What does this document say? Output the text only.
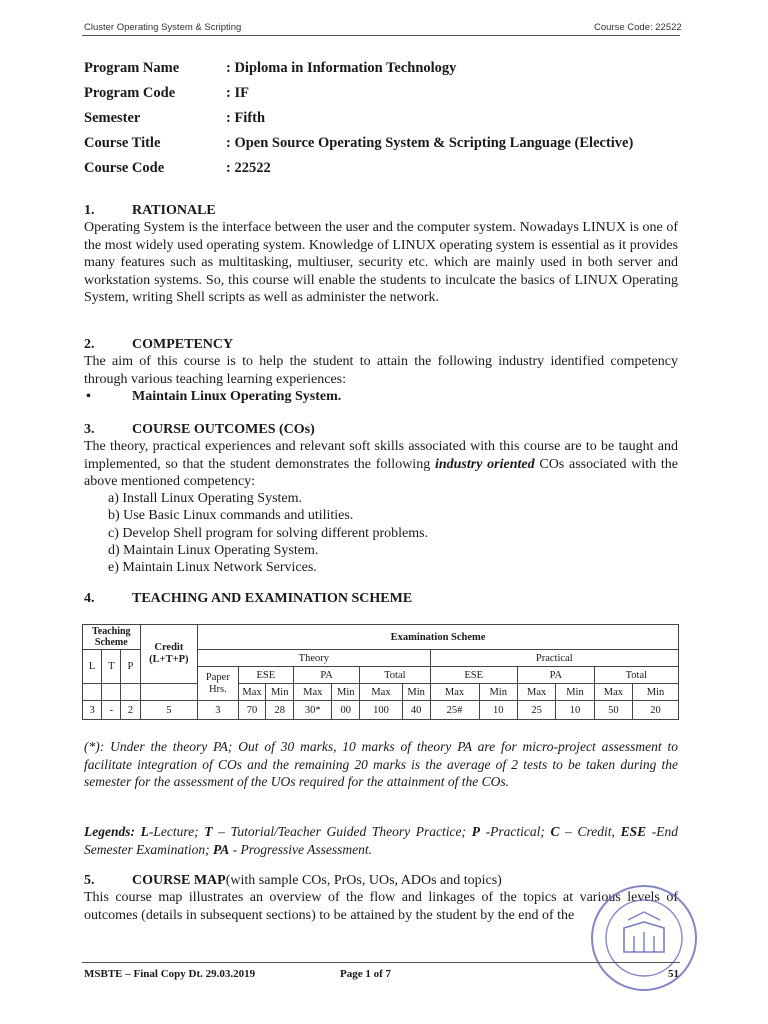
Cluster Operating System & Scripting	Course Code: 22522
Program Name	: Diploma in Information Technology
Program Code	: IF
Semester	: Fifth
Course Title	: Open Source Operating System & Scripting Language (Elective)
Course Code	: 22522
1.	RATIONALE
Operating System is the interface between the user and the computer system. Nowadays LINUX is one of the most widely used operating system. Knowledge of LINUX operating system is essential as it provides many features such as multitasking, multiuser, security etc. which are mainly used in both server and workstation systems. So, this course will enable the students to inculcate the basics of LINUX Operating System, writing Shell scripts as well as administer the network.
2.	COMPETENCY
The aim of this course is to help the student to attain the following industry identified competency through various teaching learning experiences:
•	Maintain Linux Operating System.
3.	COURSE OUTCOMES (COs)
The theory, practical experiences and relevant soft skills associated with this course are to be taught and implemented, so that the student demonstrates the following industry oriented COs associated with the above mentioned competency:
a) Install Linux Operating System.
b) Use Basic Linux commands and utilities.
c) Develop Shell program for solving different problems.
d) Maintain Linux Operating System.
e) Maintain Linux Network Services.
4.	TEACHING AND EXAMINATION SCHEME
Teaching Scheme			Credit (L+T+P)	Examination Scheme												
L	T	P		Theory							Practical					
				Paper Hrs.	ESE		PA		Total		ESE		PA		Total	
					Max	Min	Max	Min	Max	Min	Max	Min	Max	Min	Max	Min
3	-	2	5	3	70	28	30*	00	100	40	25#	10	25	10	50	20
(*): Under the theory PA; Out of 30 marks, 10 marks of theory PA are for micro-project assessment to facilitate integration of COs and the remaining 20 marks is the average of 2 tests to be taken during the semester for the assessment of the UOs required for the attainment of the COs.
Legends: L-Lecture; T – Tutorial/Teacher Guided Theory Practice; P -Practical; C – Credit, ESE -End Semester Examination; PA - Progressive Assessment.
5.	COURSE MAP(with sample COs, PrOs, UOs, ADOs and topics)
This course map illustrates an overview of the flow and linkages of the topics at various levels of outcomes (details in subsequent sections) to be attained by the student by the end of the
MSBTE – Final Copy Dt. 29.03.2019	Page 1 of 7	51
